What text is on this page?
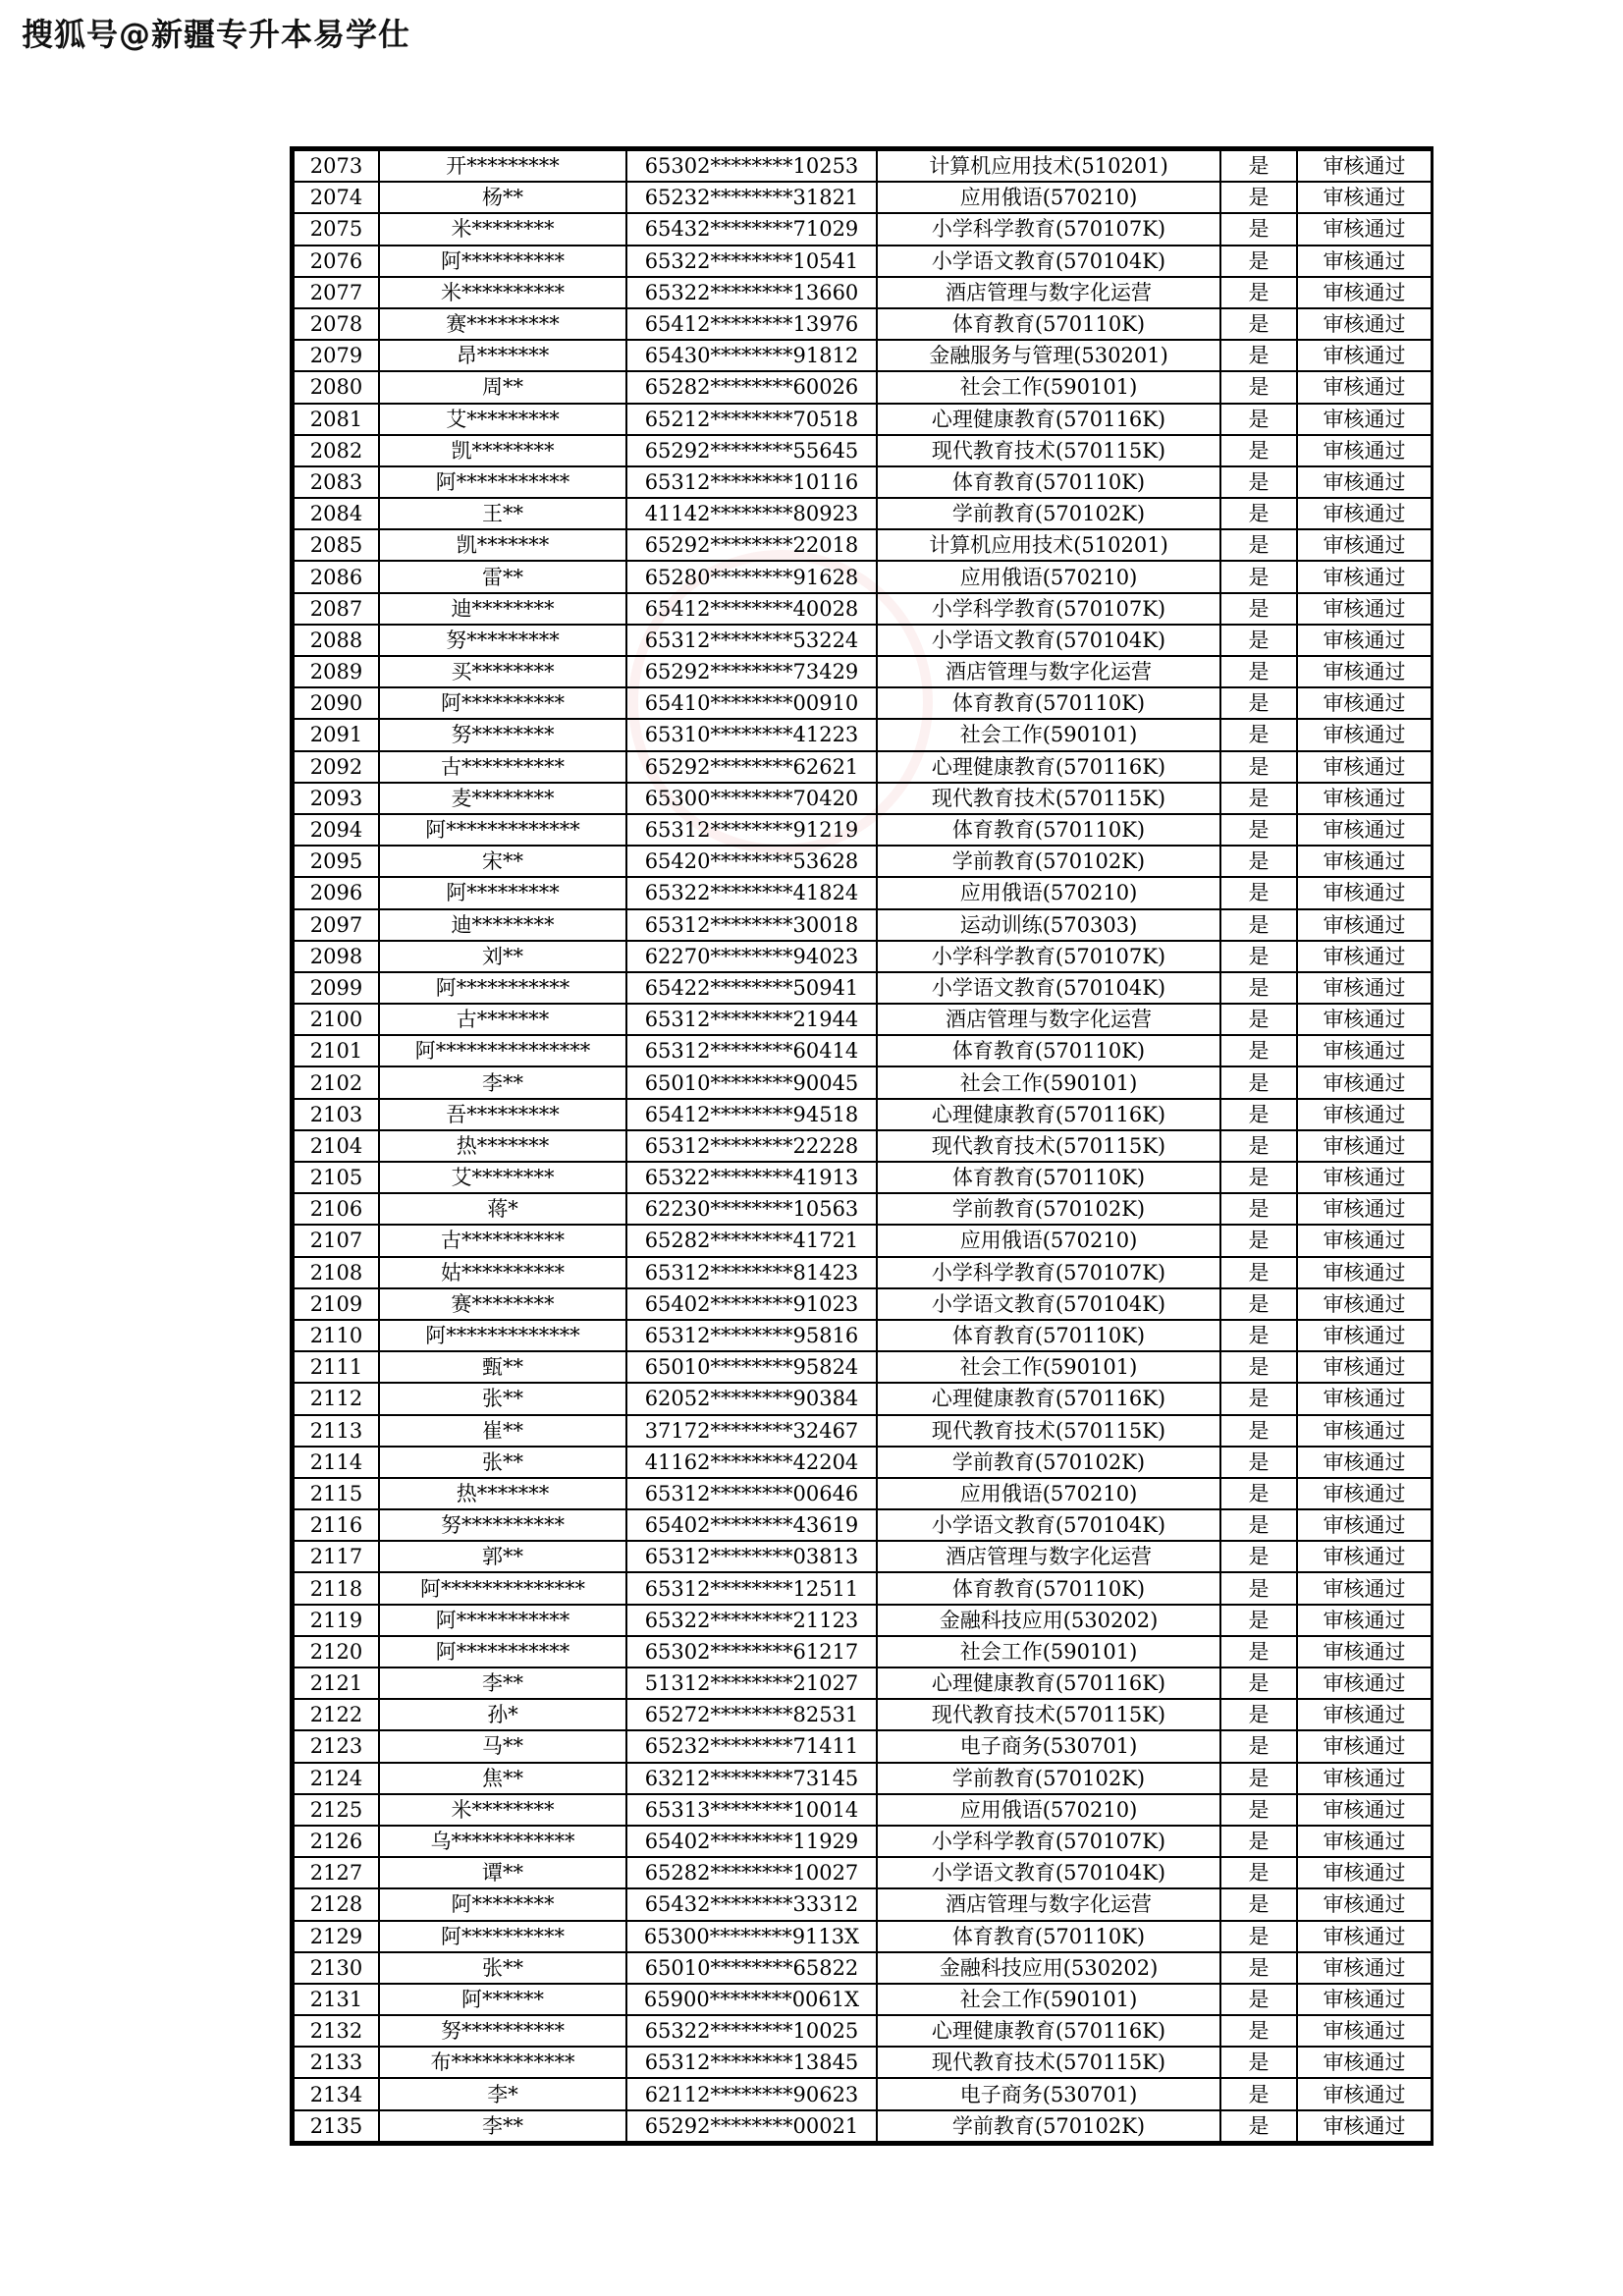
搜狐号@新疆专升本易学仕
2073	开*********	65302********10253	计算机应用技术(510201)	是	审核通过
2074	杨**	65232********31821	应用俄语(570210)	是	审核通过
2075	米********	65432********71029	小学科学教育(570107K)	是	审核通过
2076	阿**********	65322********10541	小学语文教育(570104K)	是	审核通过
2077	米**********	65322********13660	酒店管理与数字化运营	是	审核通过
2078	赛*********	65412********13976	体育教育(570110K)	是	审核通过
2079	昂*******	65430********91812	金融服务与管理(530201)	是	审核通过
2080	周**	65282********60026	社会工作(590101)	是	审核通过
2081	艾*********	65212********70518	心理健康教育(570116K)	是	审核通过
2082	凯********	65292********55645	现代教育技术(570115K)	是	审核通过
2083	阿***********	65312********10116	体育教育(570110K)	是	审核通过
2084	王**	41142********80923	学前教育(570102K)	是	审核通过
2085	凯*******	65292********22018	计算机应用技术(510201)	是	审核通过
2086	雷**	65280********91628	应用俄语(570210)	是	审核通过
2087	迪********	65412********40028	小学科学教育(570107K)	是	审核通过
2088	努*********	65312********53224	小学语文教育(570104K)	是	审核通过
2089	买********	65292********73429	酒店管理与数字化运营	是	审核通过
2090	阿**********	65410********00910	体育教育(570110K)	是	审核通过
2091	努********	65310********41223	社会工作(590101)	是	审核通过
2092	古**********	65292********62621	心理健康教育(570116K)	是	审核通过
2093	麦********	65300********70420	现代教育技术(570115K)	是	审核通过
2094	阿*************	65312********91219	体育教育(570110K)	是	审核通过
2095	宋**	65420********53628	学前教育(570102K)	是	审核通过
2096	阿*********	65322********41824	应用俄语(570210)	是	审核通过
2097	迪********	65312********30018	运动训练(570303)	是	审核通过
2098	刘**	62270********94023	小学科学教育(570107K)	是	审核通过
2099	阿***********	65422********50941	小学语文教育(570104K)	是	审核通过
2100	古*******	65312********21944	酒店管理与数字化运营	是	审核通过
2101	阿***************	65312********60414	体育教育(570110K)	是	审核通过
2102	李**	65010********90045	社会工作(590101)	是	审核通过
2103	吾*********	65412********94518	心理健康教育(570116K)	是	审核通过
2104	热*******	65312********22228	现代教育技术(570115K)	是	审核通过
2105	艾********	65322********41913	体育教育(570110K)	是	审核通过
2106	蒋*	62230********10563	学前教育(570102K)	是	审核通过
2107	古**********	65282********41721	应用俄语(570210)	是	审核通过
2108	姑**********	65312********81423	小学科学教育(570107K)	是	审核通过
2109	赛********	65402********91023	小学语文教育(570104K)	是	审核通过
2110	阿*************	65312********95816	体育教育(570110K)	是	审核通过
2111	甄**	65010********95824	社会工作(590101)	是	审核通过
2112	张**	62052********90384	心理健康教育(570116K)	是	审核通过
2113	崔**	37172********32467	现代教育技术(570115K)	是	审核通过
2114	张**	41162********42204	学前教育(570102K)	是	审核通过
2115	热*******	65312********00646	应用俄语(570210)	是	审核通过
2116	努**********	65402********43619	小学语文教育(570104K)	是	审核通过
2117	郭**	65312********03813	酒店管理与数字化运营	是	审核通过
2118	阿**************	65312********12511	体育教育(570110K)	是	审核通过
2119	阿***********	65322********21123	金融科技应用(530202)	是	审核通过
2120	阿***********	65302********61217	社会工作(590101)	是	审核通过
2121	李**	51312********21027	心理健康教育(570116K)	是	审核通过
2122	孙*	65272********82531	现代教育技术(570115K)	是	审核通过
2123	马**	65232********71411	电子商务(530701)	是	审核通过
2124	焦**	63212********73145	学前教育(570102K)	是	审核通过
2125	米********	65313********10014	应用俄语(570210)	是	审核通过
2126	乌************	65402********11929	小学科学教育(570107K)	是	审核通过
2127	谭**	65282********10027	小学语文教育(570104K)	是	审核通过
2128	阿********	65432********33312	酒店管理与数字化运营	是	审核通过
2129	阿**********	65300********9113X	体育教育(570110K)	是	审核通过
2130	张**	65010********65822	金融科技应用(530202)	是	审核通过
2131	阿******	65900********0061X	社会工作(590101)	是	审核通过
2132	努**********	65322********10025	心理健康教育(570116K)	是	审核通过
2133	布************	65312********13845	现代教育技术(570115K)	是	审核通过
2134	李*	62112********90623	电子商务(530701)	是	审核通过
2135	李**	65292********00021	学前教育(570102K)	是	审核通过
